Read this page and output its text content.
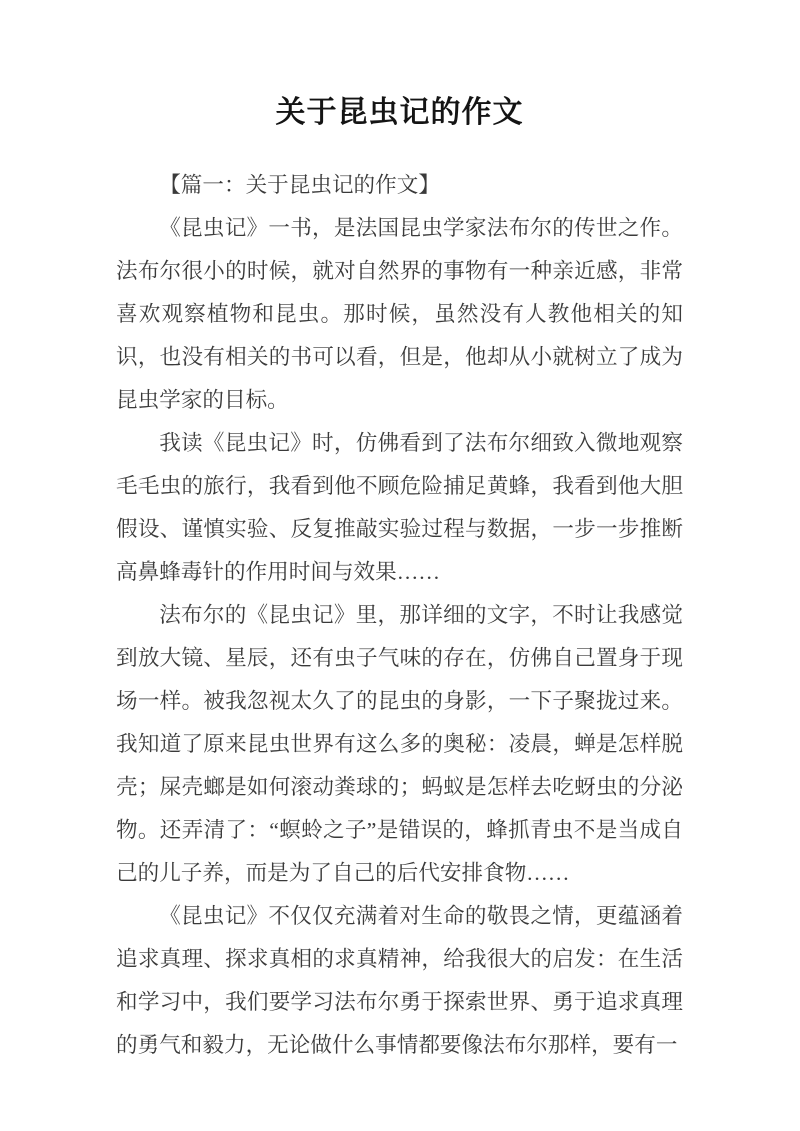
关于昆虫记的作文

【篇一：关于昆虫记的作文】

《昆虫记》一书，是法国昆虫学家法布尔的传世之作。法布尔很小的时候，就对自然界的事物有一种亲近感，非常喜欢观察植物和昆虫。那时候，虽然没有人教他相关的知识，也没有相关的书可以看，但是，他却从小就树立了成为昆虫学家的目标。

我读《昆虫记》时，仿佛看到了法布尔细致入微地观察毛毛虫的旅行，我看到他不顾危险捕足黄蜂，我看到他大胆假设、谨慎实验、反复推敲实验过程与数据，一步一步推断高鼻蜂毒针的作用时间与效果……

法布尔的《昆虫记》里，那详细的文字，不时让我感觉到放大镜、星辰，还有虫子气味的存在，仿佛自己置身于现场一样。被我忽视太久了的昆虫的身影，一下子聚拢过来。我知道了原来昆虫世界有这么多的奥秘：凌晨，蝉是怎样脱壳；屎壳螂是如何滚动粪球的；蚂蚁是怎样去吃蚜虫的分泌物。还弄清了：“螟蛉之子”是错误的，蜂抓青虫不是当成自己的儿子养，而是为了自己的后代安排食物……

《昆虫记》不仅仅充满着对生命的敬畏之情，更蕴涵着追求真理、探求真相的求真精神，给我很大的启发：在生活和学习中，我们要学习法布尔勇于探索世界、勇于追求真理的勇气和毅力，无论做什么事情都要像法布尔那样，要有一
